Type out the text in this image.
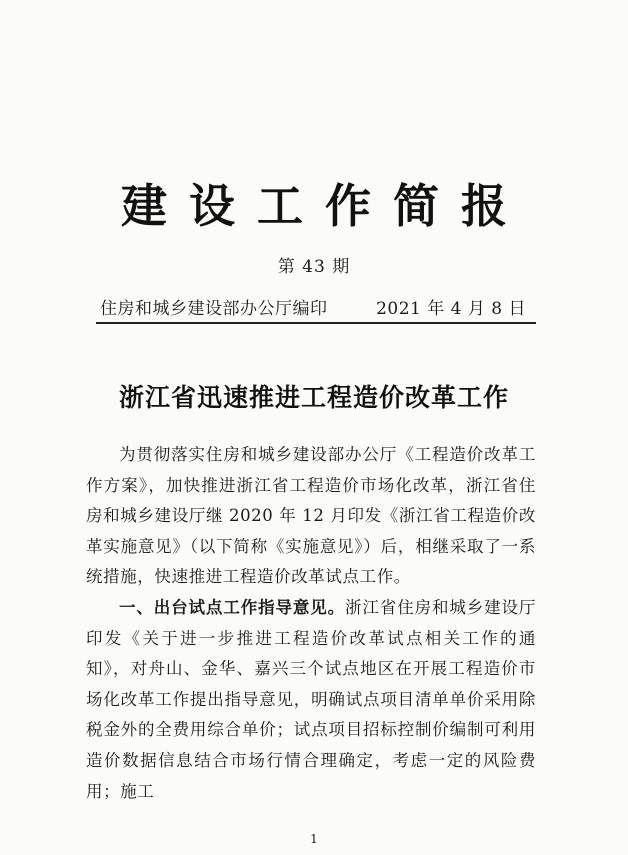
建设工作简报
第 43 期
住房和城乡建设部办公厅编印	2021 年 4 月 8 日
浙江省迅速推进工程造价改革工作

为贯彻落实住房和城乡建设部办公厅《工程造价改革工作方案》，加快推进浙江省工程造价市场化改革，浙江省住房和城乡建设厅继 2020 年 12 月印发《浙江省工程造价改革实施意见》（以下简称《实施意见》）后，相继采取了一系统措施，快速推进工程造价改革试点工作。

一、出台试点工作指导意见。浙江省住房和城乡建设厅印发《关于进一步推进工程造价改革试点相关工作的通知》，对舟山、金华、嘉兴三个试点地区在开展工程造价市场化改革工作提出指导意见，明确试点项目清单单价采用除税金外的全费用综合单价；试点项目招标控制价编制可利用造价数据信息结合市场行情合理确定，考虑一定的风险费用；施工

1
